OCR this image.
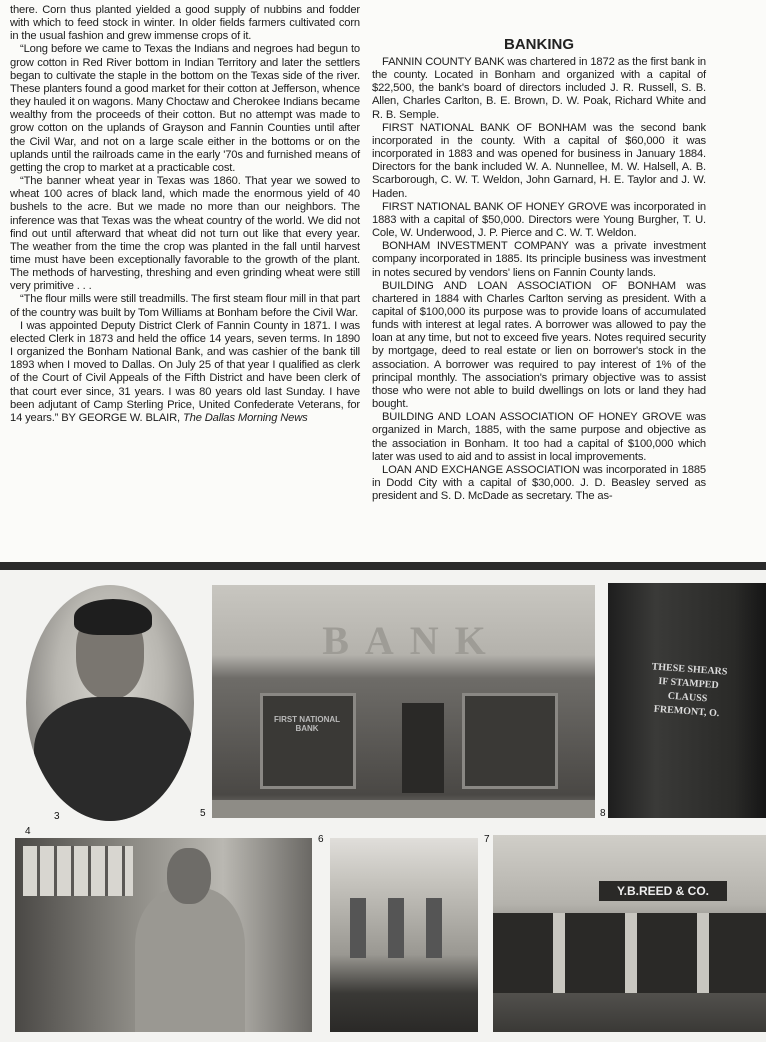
there. Corn thus planted yielded a good supply of nubbins and fodder with which to feed stock in winter. In older fields farmers cultivated corn in the usual fashion and grew immense crops of it.

“Long before we came to Texas the Indians and negroes had begun to grow cotton in Red River bottom in Indian Territory and later the settlers began to cultivate the staple in the bottom on the Texas side of the river. These planters found a good market for their cotton at Jefferson, whence they hauled it on wagons. Many Choctaw and Cherokee Indians became wealthy from the proceeds of their cotton. But no attempt was made to grow cotton on the uplands of Grayson and Fannin Counties until after the Civil War, and not on a large scale either in the bottoms or on the uplands until the railroads came in the early '70s and furnished means of getting the crop to market at a practicable cost.

“The banner wheat year in Texas was 1860. That year we sowed to wheat 100 acres of black land, which made the enormous yield of 40 bushels to the acre. But we made no more than our neighbors. The inference was that Texas was the wheat country of the world. We did not find out until afterward that wheat did not turn out like that every year. The weather from the time the crop was planted in the fall until harvest time must have been exceptionally favorable to the growth of the plant. The methods of harvesting, threshing and even grinding wheat were still very primitive . . .

“The flour mills were still treadmills. The first steam flour mill in that part of the country was built by Tom Williams at Bonham before the Civil War.

I was appointed Deputy District Clerk of Fannin County in 1871. I was elected Clerk in 1873 and held the office 14 years, seven terms. In 1890 I organized the Bonham National Bank, and was cashier of the bank till 1893 when I moved to Dallas. On July 25 of that year I qualified as clerk of the Court of Civil Appeals of the Fifth District and have been clerk of that court ever since, 31 years. I was 80 years old last Sunday. I have been adjutant of Camp Sterling Price, United Confederate Veterans, for 14 years.” BY GEORGE W. BLAIR, The Dallas Morning News

BANKING

FANNIN COUNTY BANK was chartered in 1872 as the first bank in the county. Located in Bonham and organized with a capital of $22,500, the bank's board of directors included J. R. Russell, S. B. Allen, Charles Carlton, B. E. Brown, D. W. Poak, Richard White and R. B. Semple.

FIRST NATIONAL BANK OF BONHAM was the second bank incorporated in the county. With a capital of $60,000 it was incorporated in 1883 and was opened for business in January 1884. Directors for the bank included W. A. Nunnellee, M. W. Halsell, A. B. Scarborough, C. W. T. Weldon, John Garnard, H. E. Taylor and J. W. Haden.

FIRST NATIONAL BANK OF HONEY GROVE was incorporated in 1883 with a capital of $50,000. Directors were Young Burgher, T. U. Cole, W. Underwood, J. P. Pierce and C. W. T. Weldon.

BONHAM INVESTMENT COMPANY was a private investment company incorporated in 1885. Its principle business was investment in notes secured by vendors' liens on Fannin County lands.

BUILDING AND LOAN ASSOCIATION OF BONHAM was chartered in 1884 with Charles Carlton serving as president. With a capital of $100,000 its purpose was to provide loans of accumulated funds with interest at legal rates. A borrower was allowed to pay the loan at any time, but not to exceed five years. Notes required security by mortgage, deed to real estate or lien on borrower's stock in the association. A borrower was required to pay interest of 1% of the principal monthly. The association's primary objective was to assist those who were not able to build dwellings on lots or land they had bought.

BUILDING AND LOAN ASSOCIATION OF HONEY GROVE was organized in March, 1885, with the same purpose and objective as the association in Bonham. It too had a capital of $100,000 which later was used to aid and to assist in local improvements.

LOAN AND EXCHANGE ASSOCIATION was incorporated in 1885 in Dodd City with a capital of $30,000. J. D. Beasley served as president and S. D. McDade as secretary. The as-

3
BANK
FIRST NATIONAL BANK
5
THESE SHEARS IF STAMPED CLAUSS FREMONT, O.
8
4
6	7
Y.B.REED & CO.
